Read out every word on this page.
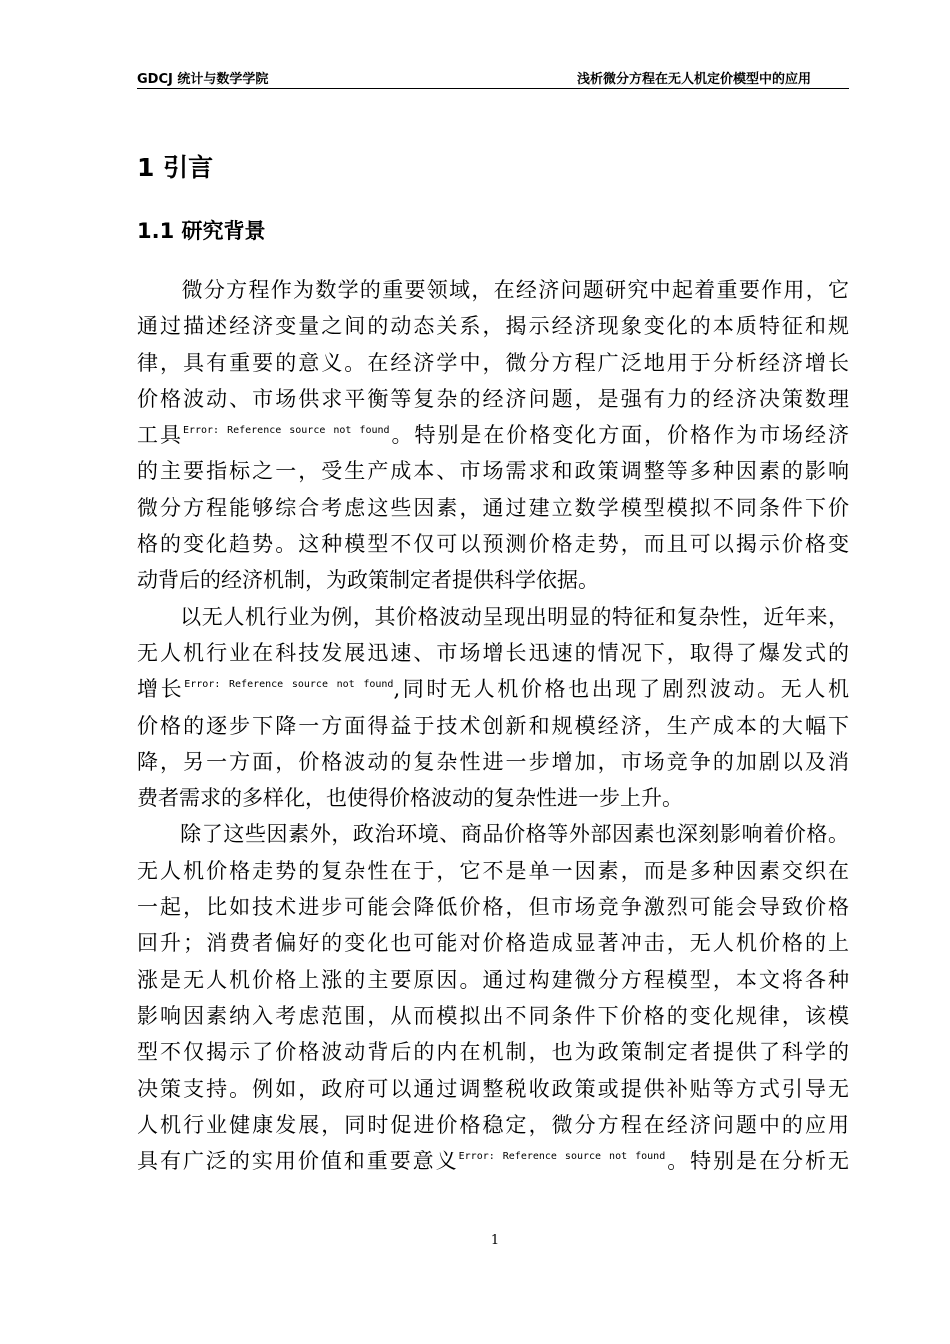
GDCJ 统计与数学学院	浅析微分方程在无人机定价模型中的应用
1 引言
1.1 研究背景
　　微分方程作为数学的重要领域，在经济问题研究中起着重要作用，它
通过描述经济变量之间的动态关系，揭示经济现象变化的本质特征和规
律，具有重要的意义。在经济学中，微分方程广泛地用于分析经济增长
价格波动、市场供求平衡等复杂的经济问题，是强有力的经济决策数理
工具$^{Error: Reference source not found}$。特别是在价格变化方面，价格作为市场经济
的主要指标之一，受生产成本、市场需求和政策调整等多种因素的影响
微分方程能够综合考虑这些因素，通过建立数学模型模拟不同条件下价
格的变化趋势。这种模型不仅可以预测价格走势，而且可以揭示价格变
动背后的经济机制，为政策制定者提供科学依据。
　　以无人机行业为例，其价格波动呈现出明显的特征和复杂性，近年来，
无人机行业在科技发展迅速、市场增长迅速的情况下，取得了爆发式的
增长$^{Error: Reference source not found}$,同时无人机价格也出现了剧烈波动。无人机
价格的逐步下降一方面得益于技术创新和规模经济，生产成本的大幅下
降，另一方面，价格波动的复杂性进一步增加，市场竞争的加剧以及消
费者需求的多样化，也使得价格波动的复杂性进一步上升。
　　除了这些因素外，政治环境、商品价格等外部因素也深刻影响着价格。
无人机价格走势的复杂性在于，它不是单一因素，而是多种因素交织在
一起，比如技术进步可能会降低价格，但市场竞争激烈可能会导致价格
回升；消费者偏好的变化也可能对价格造成显著冲击，无人机价格的上
涨是无人机价格上涨的主要原因。通过构建微分方程模型，本文将各种
影响因素纳入考虑范围，从而模拟出不同条件下价格的变化规律，该模
型不仅揭示了价格波动背后的内在机制，也为政策制定者提供了科学的
决策支持。例如，政府可以通过调整税收政策或提供补贴等方式引导无
人机行业健康发展，同时促进价格稳定，微分方程在经济问题中的应用
具有广泛的实用价值和重要意义$^{Error: Reference source not found}$。特别是在分析无
1
